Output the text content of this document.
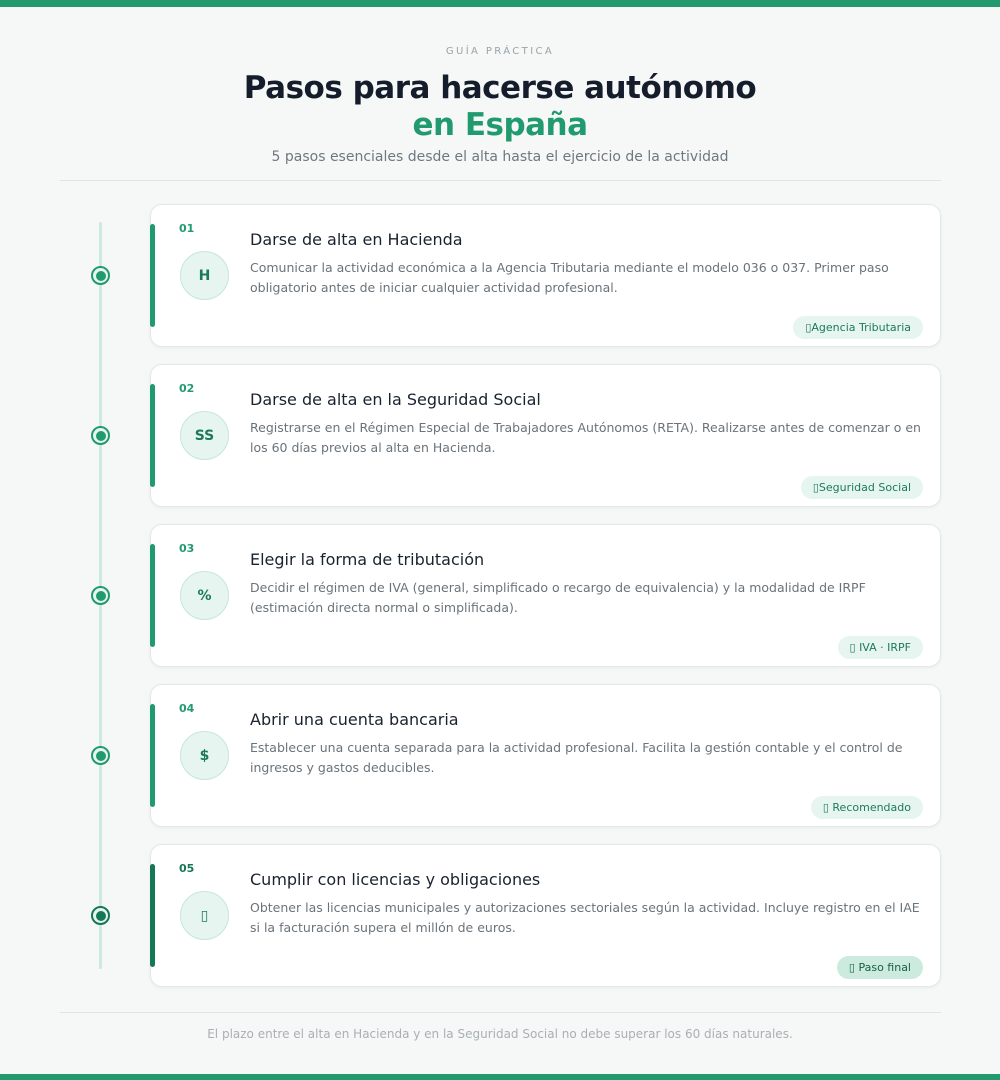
GUÍA PRÁCTICA
Pasos para hacerse autónomo
en España
5 pasos esenciales desde el alta hasta el ejercicio de la actividad
01
H
Darse de alta en Hacienda
Comunicar la actividad económica a la Agencia Tributaria mediante el modelo 036 o 037. Primer paso obligatorio antes de iniciar cualquier actividad profesional.
▯Agencia Tributaria
02
SS
Darse de alta en la Seguridad Social
Registrarse en el Régimen Especial de Trabajadores Autónomos (RETA). Realizarse antes de comenzar o en los 60 días previos al alta en Hacienda.
▯Seguridad Social
03
%
Elegir la forma de tributación
Decidir el régimen de IVA (general, simplificado o recargo de equivalencia) y la modalidad de IRPF (estimación directa normal o simplificada).
▯ IVA · IRPF
04
$
Abrir una cuenta bancaria
Establecer una cuenta separada para la actividad profesional. Facilita la gestión contable y el control de ingresos y gastos deducibles.
▯ Recomendado
05
▯
Cumplir con licencias y obligaciones
Obtener las licencias municipales y autorizaciones sectoriales según la actividad. Incluye registro en el IAE si la facturación supera el millón de euros.
▯ Paso final
El plazo entre el alta en Hacienda y en la Seguridad Social no debe superar los 60 días naturales.
